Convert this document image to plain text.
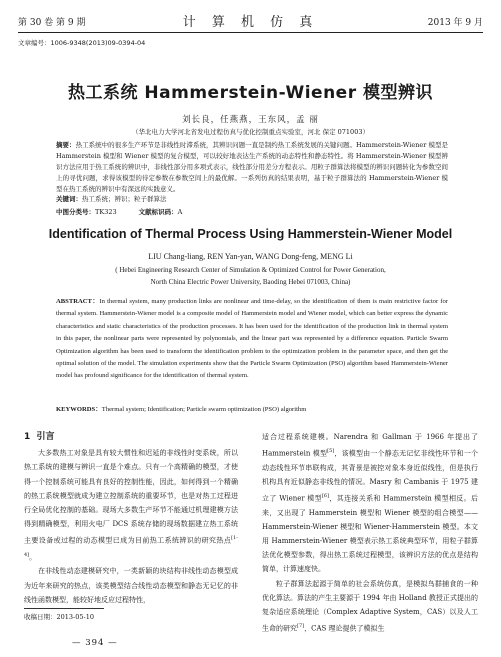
第 30 卷 第 9 期	计 算 机 仿 真	2013 年 9 月
文章编号：1006-9348(2013)09-0394-04
热工系统 Hammerstein-Wiener 模型辨识
刘长良，任燕燕，王东风，孟 丽
（华北电力大学河北省发电过程仿真与优化控制重点实验室，河北 保定 071003）
摘要：热工系统中的很多生产环节是非线性时滞系统，其辨识问题一直是制约热工系统发展的关键问题。Hammerstein-Wiener 模型是 Hammerstein 模型和 Wiener 模型的复合模型，可以较好地表达生产系统的动态特性和静态特性。将 Hammerstein-Wiener 模型辨识方法应用于热工系统的辨识中，非线性部分用多项式表示，线性部分用差分方程表示。用粒子群算法将模型的辨识问题转化为参数空间上的寻优问题，求得该模型的待定参数在参数空间上的最优解。一系列仿真的结果表明，基于粒子群算法的 Hammerstein-Wiener 模型在热工系统的辨识中有深远的实践意义。
关键词：热工系统；辨识；粒子群算法
中图分类号：TK323	文献标识码：A
Identification of Thermal Process Using Hammerstein-Wiener Model
LIU Chang-liang, REN Yan-yan, WANG Dong-feng, MENG Li
( Hebei Engineering Research Center of Simulation & Optimized Control for Power Generation,
North China Electric Power University, Baoding Hebei 071003, China)
ABSTRACT：In thermal system, many production links are nonlinear and time-delay, so the identification of them is main restrictive factor for thermal system. Hammerstein-Wiener model is a composite model of Hammerstein model and Wiener model, which can better express the dynamic characteristics and static characteristics of the production processes. It has been used for the identification of the production link in thermal system in this paper, the nonlinear parts were represented by polynomials, and the linear part was represented by a difference equation. Particle Swarm Optimization algorithm has been used to transform the identification problem to the optimization problem in the parameter space, and then get the optimal solution of the model. The simulation experiments show that the Particle Swarm Optimization (PSO) algorithm based Hammerstein-Wiener model has profound significance for the identification of thermal system.
KEYWORDS：Thermal system; Identification; Particle swarm optimization (PSO) algorithm
1 引言

大多数热工对象是具有较大惯性和迟延的非线性时变系统，所以热工系统的建模与辨识一直是个难点。只有一个高精确的模型，才使得一个控制系统可能具有良好的控制性能，因此，如何得到一个精确的热工系统模型就成为建立控制系统的重要环节，也是对热工过程进行全局优化控制的基础。现场大多数生产环节不能通过机理建模方法得到精确模型，利用火电厂 DCS 系统存储的现场数据建立热工系统主要设备或过程的动态模型已成为目前热工系统辨识的研究热点[1-4]。

在非线性动态建模研究中，一类新颖的块结构非线性动态模型成为近年来研究的热点，该类模型结合线性动态模型和静态无记忆的非线性函数模型，能较好地反应过程特性，

适合过程系统建模。Narendra 和 Gallman 于 1966 年提出了 Hammerstein 模型[5]，该模型由一个静态无记忆非线性环节和一个动态线性环节串联构成，其背景是被控对象本身近似线性，但是执行机构具有近似静态非线性的情况。Masry 和 Cambanis 于 1975 建立了 Wiener 模型[6]，其连接关系和 Hammerstein 模型相反。后来，又出现了 Hammerstein 模型和 Wiener 模型的组合模型——Hammerstein-Wiener 模型和 Wiener-Hammerstein 模型。本文用 Hammerstein-Wiener 模型表示热工系统典型环节，用粒子群算法优化模型参数，得出热工系统过程模型，该辨识方法的优点是结构简单，计算速度快。

粒子群算法起源于简单的社会系统仿真，是模拟鸟群捕食的一种优化算法。算法的产生主要源于 1994 年由 Holland 教授正式提出的复杂适应系统理论（Complex Adaptive System，CAS）以及人工生命的研究[7]，CAS 理论提供了模拟生

收稿日期：2013-05-10
— 394 —
